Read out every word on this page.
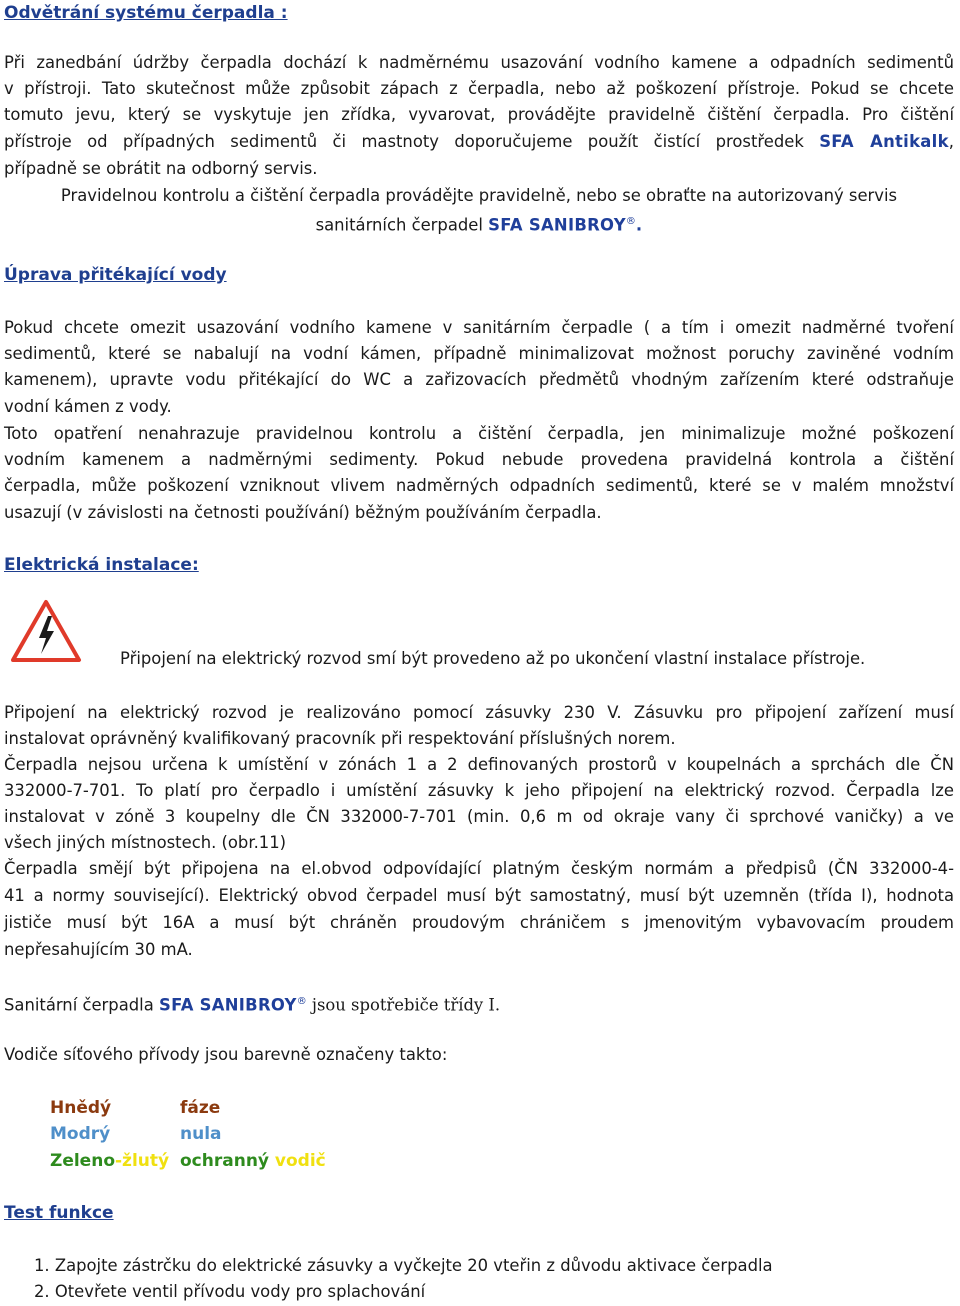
Odvětrání systému čerpadla :
Při zanedbání údržby čerpadla dochází k nadměrnému usazování vodního kamene a odpadních sedimentů
v přístroji. Tato skutečnost může způsobit zápach z čerpadla, nebo až poškození přístroje. Pokud se chcete
tomuto jevu, který se vyskytuje jen zřídka, vyvarovat, provádějte pravidelně čištění čerpadla. Pro čištění
přístroje od případných sedimentů či mastnoty doporučujeme použít čistící prostředek SFA Antikalk,
případně se obrátit na odborný servis.
Pravidelnou kontrolu a čištění čerpadla provádějte pravidelně, nebo se obraťte na autorizovaný servis
sanitárních čerpadel SFA SANIBROY®.
Úprava přitékající vody
Pokud chcete omezit usazování vodního kamene v sanitárním čerpadle ( a tím i omezit nadměrné tvoření
sedimentů, které se nabalují na vodní kámen, případně minimalizovat možnost poruchy zaviněné vodním
kamenem), upravte vodu přitékající do WC a zařizovacích předmětů vhodným zařízením které odstraňuje
vodní kámen z vody.
Toto opatření nenahrazuje pravidelnou kontrolu a čištění čerpadla, jen minimalizuje možné poškození
vodním kamenem a nadměrnými sedimenty. Pokud nebude provedena pravidelná kontrola a čištění
čerpadla, může poškození vzniknout vlivem nadměrných odpadních sedimentů, které se v malém množství
usazují (v závislosti na četnosti používání) běžným používáním čerpadla.
Elektrická instalace:
Připojení na elektrický rozvod smí být provedeno až po ukončení vlastní instalace přístroje.
Připojení na elektrický rozvod je realizováno pomocí zásuvky 230 V. Zásuvku pro připojení zařízení musí
instalovat oprávněný kvalifikovaný pracovník při respektování příslušných norem.
Čerpadla nejsou určena k umístění v zónách 1 a 2 definovaných prostorů v koupelnách a sprchách dle ČN
332000-7-701. To platí pro čerpadlo i umístění zásuvky k jeho připojení na elektrický rozvod. Čerpadla lze
instalovat v zóně 3 koupelny dle ČN 332000-7-701 (min. 0,6 m od okraje vany či sprchové vaničky) a ve
všech jiných místnostech. (obr.11)
Čerpadla smějí být připojena na el.obvod odpovídající platným českým normám a předpisů (ČN 332000-4-
41 a normy související). Elektrický obvod čerpadel musí být samostatný, musí být uzemněn (třída I), hodnota
jističe musí být 16A a musí být chráněn proudovým chráničem s jmenovitým vybavovacím proudem
nepřesahujícím 30 mA.
Sanitární čerpadla SFA SANIBROY® jsou spotřebiče třídy I.
Vodiče síťového přívody jsou barevně označeny takto:
Hnědý	fáze
Modrý	nula
Zeleno-žlutý ochranný vodič
Test funkce
1. Zapojte zástrčku do elektrické zásuvky a vyčkejte 20 vteřin z důvodu aktivace čerpadla
2. Otevřete ventil přívodu vody pro splachování
